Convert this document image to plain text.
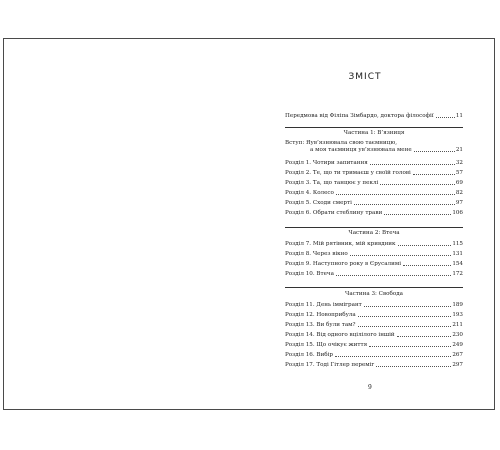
ЗМІСТ
Передмова від Філіпа Зімбардо, доктора філософії	11
Частина 1: В’язниця
Вступ: Яув’язнювала свою таємницю,
а моя таємниця ув’язнювала мене	21
Розділ 1. Чотири запитання	32
Розділ 2. Те, що ти тримаєш у своїй голові	57
Розділ 3. Та, що танцює у пеклі	69
Розділ 4. Колесо	82
Розділ 5. Сходи смерті	97
Розділ 6. Обрати стеблину трави	106
Частина 2: Втеча
Розділ 7. Мій рятівник, мій кривдник	115
Розділ 8. Через вікно	131
Розділ 9. Наступного року в Єрусалимі	154
Розділ 10. Втеча	172
Частина 3: Свобода
Розділ 11. День іммігрант	189
Розділ 12. Новоприбула	193
Розділ 13. Ви були там?	211
Розділ 14. Від одного вцілілого іншій	230
Розділ 15. Що очікує життя	249
Розділ 16. Вибір	267
Розділ 17. Тоді Гітлер переміг	297
9
